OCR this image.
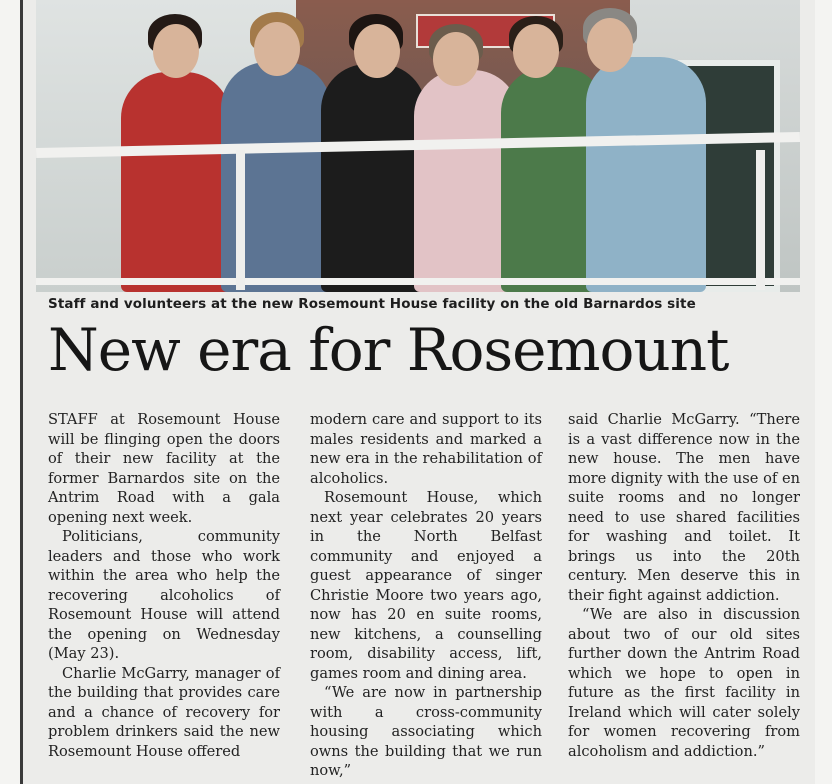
Staff and volunteers at the new Rosemount House facility on the old Barnardos site
New era for Rosemount

STAFF at Rosemount House will be flinging open the doors of their new facility at the former Barnardos site on the Antrim Road with a gala opening next week.

Politicians, community leaders and those who work within the area who help the recovering alcoholics of Rosemount House will attend the opening on Wednesday (May 23).

Charlie McGarry, manager of the building that provides care and a chance of recovery for problem drinkers said the new Rosemount House offered

modern care and support to its males residents and marked a new era in the rehabilitation of alcoholics.

Rosemount House, which next year celebrates 20 years in the North Belfast community and enjoyed a guest appearance of singer Christie Moore two years ago, now has 20 en suite rooms, new kitchens, a counselling room, disability access, lift, games room and dining area.

“We are now in partnership with a cross-community housing associating which owns the building that we run now,”

said Charlie McGarry. “There is a vast difference now in the new house. The men have more dignity with the use of en suite rooms and no longer need to use shared facilities for washing and toilet. It brings us into the 20th century. Men deserve this in their fight against addiction.

“We are also in discussion about two of our old sites further down the Antrim Road which we hope to open in future as the first facility in Ireland which will cater solely for women recovering from alcoholism and addiction.”
